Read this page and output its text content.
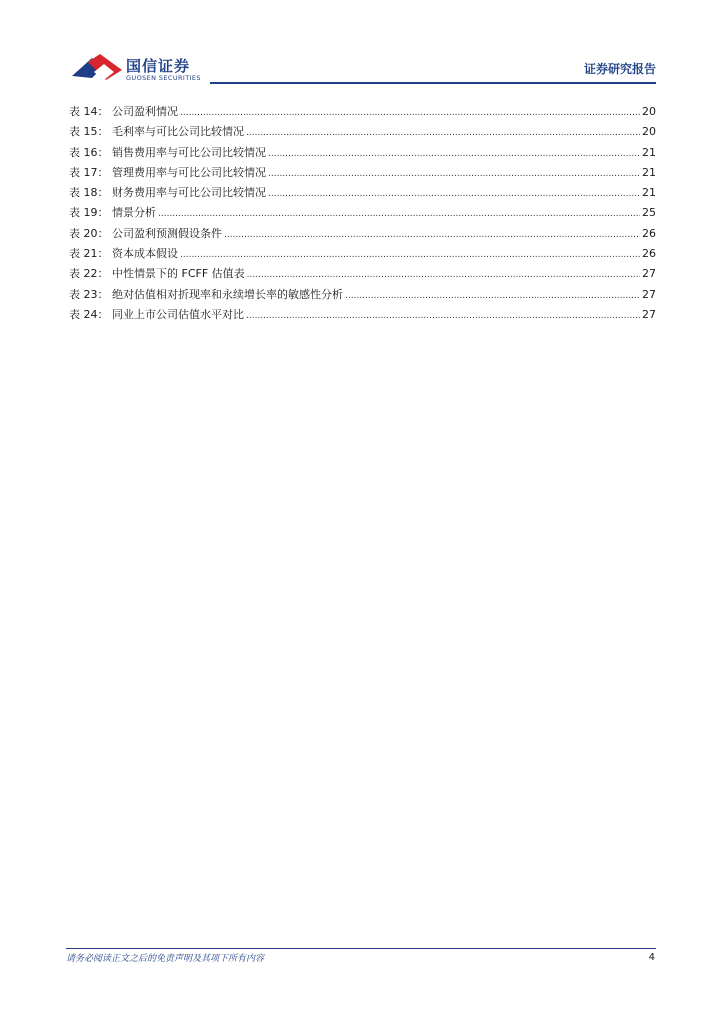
国信证券
GUOSEN SECURITIES
证券研究报告
表 14： 公司盈利情况 .....	20
表 15： 毛利率与可比公司比较情况 .....	20
表 16： 销售费用率与可比公司比较情况 .....	21
表 17： 管理费用率与可比公司比较情况 .....	21
表 18： 财务费用率与可比公司比较情况 .....	21
表 19： 情景分析 .....	25
表 20： 公司盈利预测假设条件 .....	26
表 21： 资本成本假设 .....	26
表 22： 中性情景下的 FCFF 估值表 .....	27
表 23： 绝对估值相对折现率和永续增长率的敏感性分析 .....	27
表 24： 同业上市公司估值水平对比 .....	27
请务必阅读正文之后的免责声明及其项下所有内容	4
